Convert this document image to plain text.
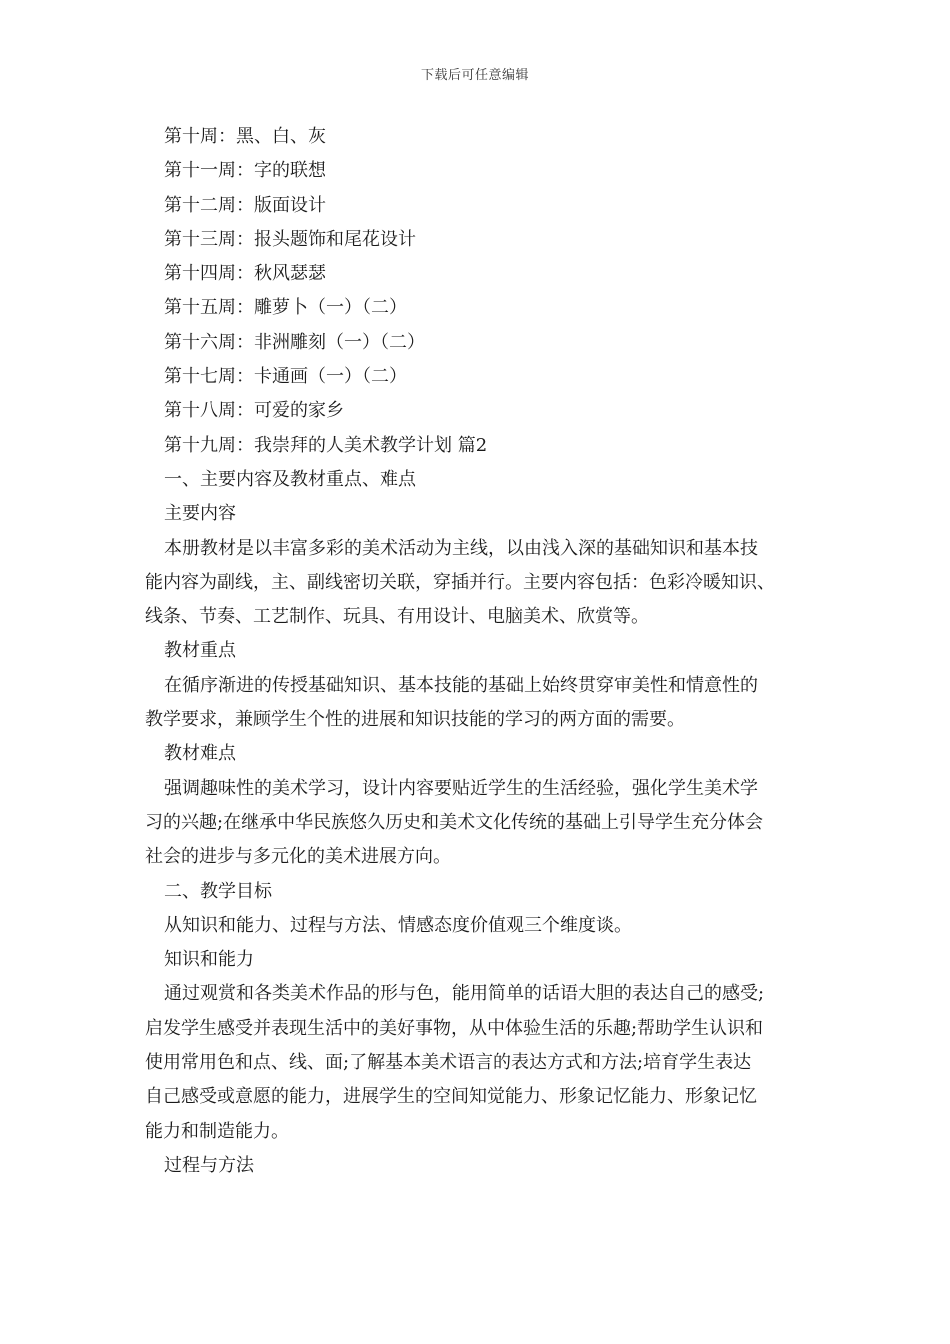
下载后可任意编辑
第十周：黑、白、灰
第十一周：字的联想
第十二周：版面设计
第十三周：报头题饰和尾花设计
第十四周：秋风瑟瑟
第十五周：雕萝卜（一）（二）
第十六周：非洲雕刻（一）（二）
第十七周：卡通画（一）（二）
第十八周：可爱的家乡
第十九周：我崇拜的人美术教学计划 篇2
一、主要内容及教材重点、难点
主要内容
本册教材是以丰富多彩的美术活动为主线，以由浅入深的基础知识和基本技
能内容为副线，主、副线密切关联，穿插并行。主要内容包括：色彩冷暖知识、
线条、节奏、工艺制作、玩具、有用设计、电脑美术、欣赏等。
教材重点
在循序渐进的传授基础知识、基本技能的基础上始终贯穿审美性和情意性的
教学要求，兼顾学生个性的进展和知识技能的学习的两方面的需要。
教材难点
强调趣味性的美术学习，设计内容要贴近学生的生活经验，强化学生美术学
习的兴趣;在继承中华民族悠久历史和美术文化传统的基础上引导学生充分体会
社会的进步与多元化的美术进展方向。
二、教学目标
从知识和能力、过程与方法、情感态度价值观三个维度谈。
知识和能力
通过观赏和各类美术作品的形与色，能用简单的话语大胆的表达自己的感受;
启发学生感受并表现生活中的美好事物，从中体验生活的乐趣;帮助学生认识和
使用常用色和点、线、面;了解基本美术语言的表达方式和方法;培育学生表达
自己感受或意愿的能力，进展学生的空间知觉能力、形象记忆能力、形象记忆
能力和制造能力。
过程与方法
